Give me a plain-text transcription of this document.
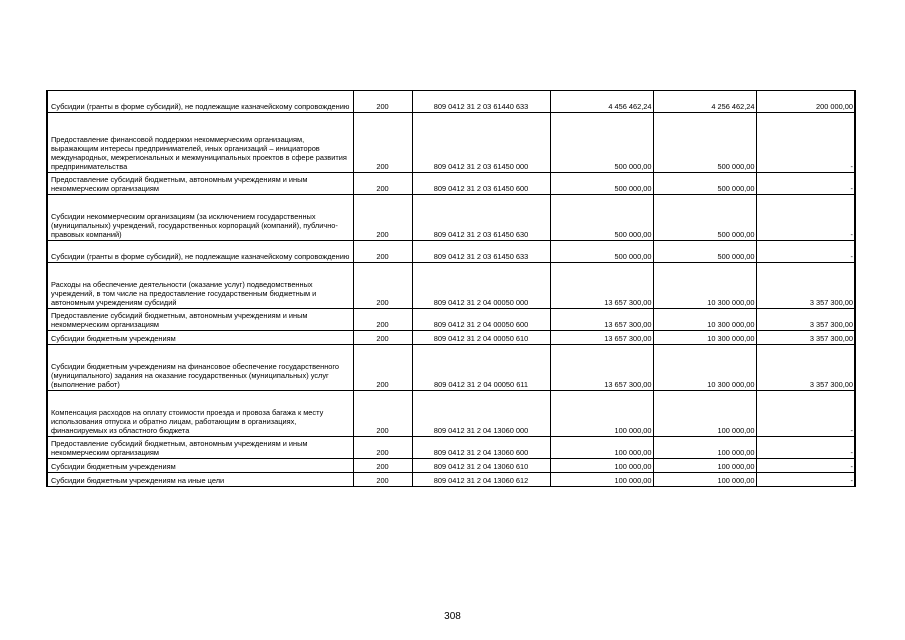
Субсидии (гранты в форме субсидий), не подлежащие казначейскому сопровождению	200	809 0412 31 2 03 61440 633	4 456 462,24	4 256 462,24	200 000,00
Предоставление финансовой поддержки некоммерческим организациям, выражающим интересы предпринимателей, иных организаций – инициаторов международных, межрегиональных и межмуниципальных проектов в сфере развития предпринимательства	200	809 0412 31 2 03 61450 000	500 000,00	500 000,00	-
Предоставление субсидий бюджетным, автономным учреждениям и иным некоммерческим организациям	200	809 0412 31 2 03 61450 600	500 000,00	500 000,00	-
Субсидии некоммерческим организациям (за исключением государственных (муниципальных) учреждений, государственных корпораций (компаний), публично-правовых компаний)	200	809 0412 31 2 03 61450 630	500 000,00	500 000,00	-
Субсидии (гранты в форме субсидий), не подлежащие казначейскому сопровождению	200	809 0412 31 2 03 61450 633	500 000,00	500 000,00	-
Расходы на обеспечение деятельности (оказание услуг) подведомственных учреждений, в том числе на предоставление государственным бюджетным и автономным учреждениям субсидий	200	809 0412 31 2 04 00050 000	13 657 300,00	10 300 000,00	3 357 300,00
Предоставление субсидий бюджетным, автономным учреждениям и иным некоммерческим организациям	200	809 0412 31 2 04 00050 600	13 657 300,00	10 300 000,00	3 357 300,00
Субсидии бюджетным учреждениям	200	809 0412 31 2 04 00050 610	13 657 300,00	10 300 000,00	3 357 300,00
Субсидии бюджетным учреждениям на финансовое обеспечение государственного (муниципального) задания на оказание государственных (муниципальных) услуг (выполнение работ)	200	809 0412 31 2 04 00050 611	13 657 300,00	10 300 000,00	3 357 300,00
Компенсация расходов на оплату стоимости проезда и провоза багажа к месту использования отпуска и обратно лицам, работающим в организациях, финансируемых из областного бюджета	200	809 0412 31 2 04 13060 000	100 000,00	100 000,00	-
Предоставление субсидий бюджетным, автономным учреждениям и иным некоммерческим организациям	200	809 0412 31 2 04 13060 600	100 000,00	100 000,00	-
Субсидии бюджетным учреждениям	200	809 0412 31 2 04 13060 610	100 000,00	100 000,00	-
Субсидии бюджетным учреждениям на иные цели	200	809 0412 31 2 04 13060 612	100 000,00	100 000,00	-
308
